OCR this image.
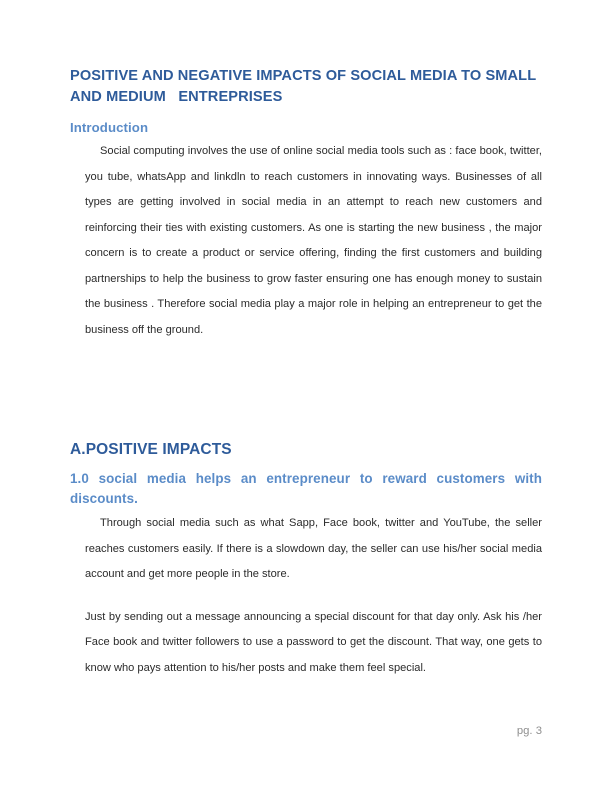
POSITIVE AND NEGATIVE IMPACTS OF SOCIAL MEDIA TO SMALL AND MEDIUM   ENTREPRISES
Introduction

Social computing involves the use of online social media tools such as : face book, twitter, you tube, whatsApp and linkdln to reach customers in innovating ways. Businesses of all types are getting involved in social media in an attempt to reach new customers and reinforcing their ties with existing customers. As one is starting the new business , the major concern is to create a product or service offering, finding the first customers and building partnerships to help the business to grow faster ensuring one has enough money to sustain the business . Therefore social media play a major role in helping an entrepreneur to get the business off the ground.

A.POSITIVE IMPACTS
1.0 social media helps an entrepreneur to reward customers with discounts.

Through social media such as what Sapp, Face book, twitter and YouTube, the seller reaches customers easily. If there is a slowdown day, the seller can use his/her social media account and get more people in the store.

Just by sending out a message announcing a special discount for that day only. Ask his /her Face book and twitter followers to use a password to get the discount. That way, one gets to know who pays attention to his/her posts and make them feel special.

pg. 3
